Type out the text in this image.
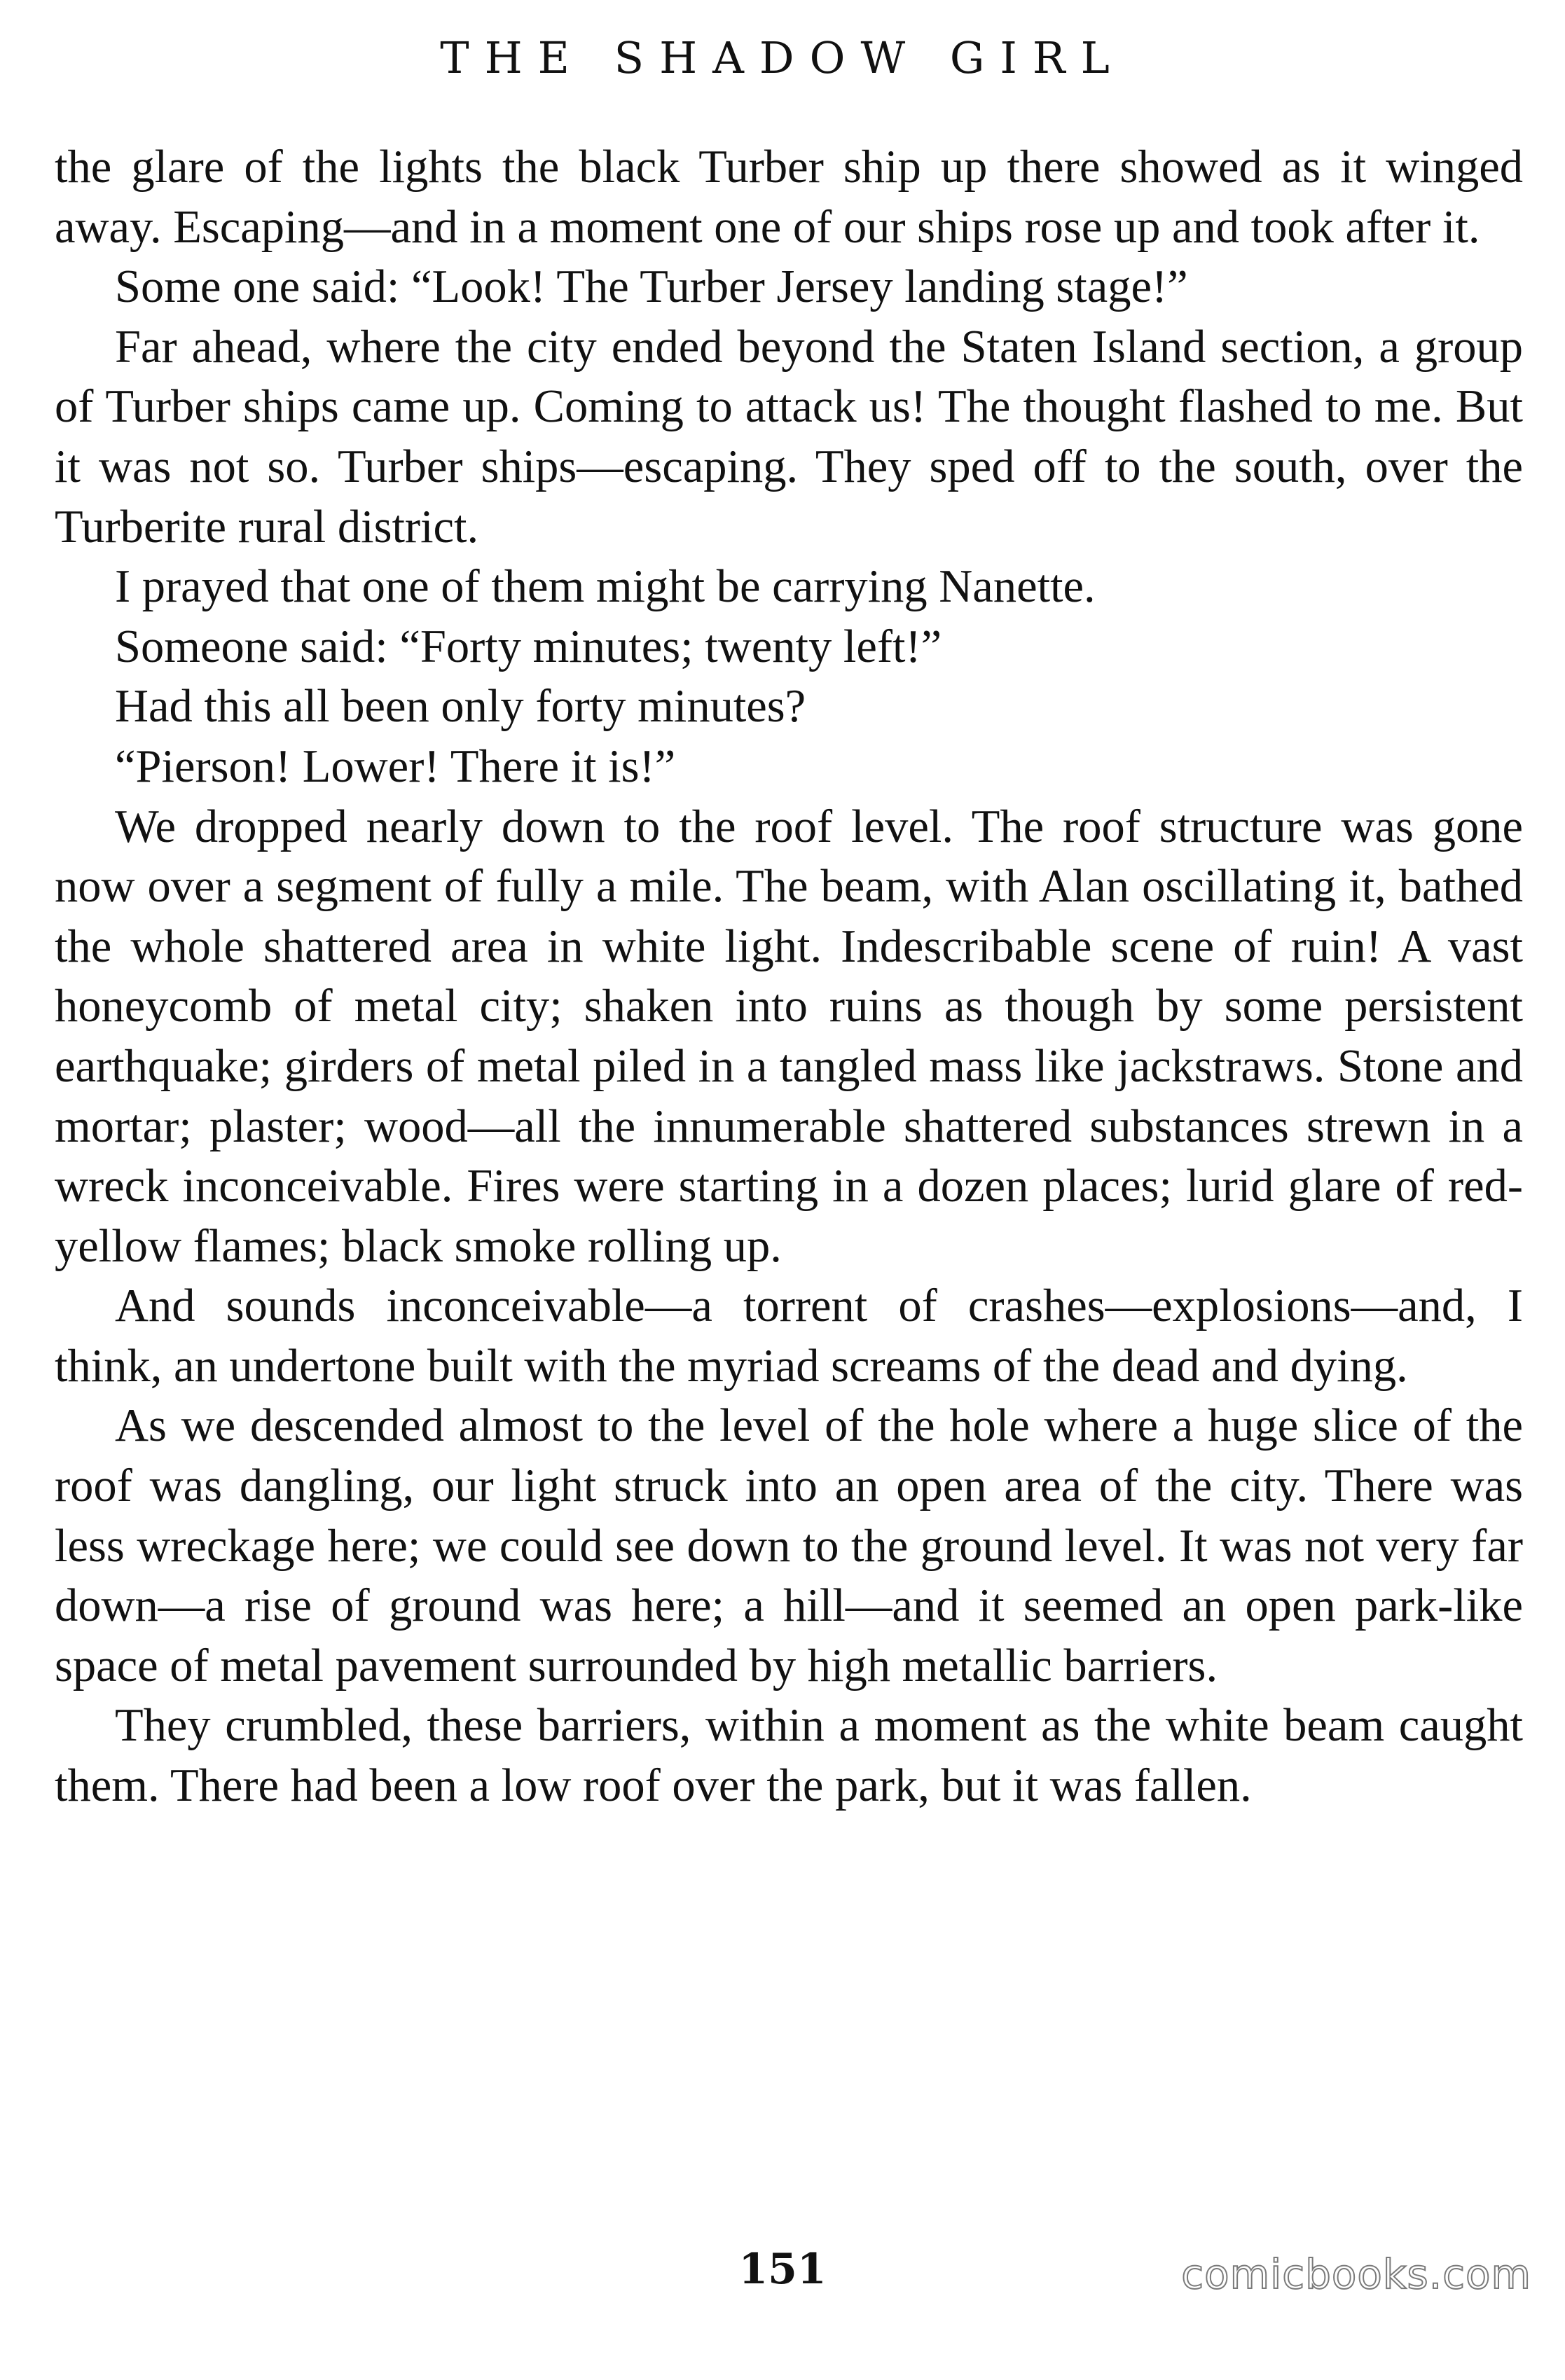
THE SHADOW GIRL

the glare of the lights the black Turber ship up there showed as it winged away. Escaping—and in a moment one of our ships rose up and took after it.

Some one said: “Look! The Turber Jersey landing stage!”

Far ahead, where the city ended beyond the Staten Island section, a group of Turber ships came up. Coming to attack us! The thought flashed to me. But it was not so. Turber ships—escaping. They sped off to the south, over the Turberite rural district.

I prayed that one of them might be carrying Nanette.

Someone said: “Forty minutes; twenty left!”

Had this all been only forty minutes?

“Pierson! Lower! There it is!”

We dropped nearly down to the roof level. The roof structure was gone now over a segment of fully a mile. The beam, with Alan oscillating it, bathed the whole shattered area in white light. Indescribable scene of ruin! A vast honeycomb of metal city; shaken into ruins as though by some persistent earthquake; girders of metal piled in a tangled mass like jackstraws. Stone and mortar; plaster; wood—all the innumerable shattered substances strewn in a wreck inconceivable. Fires were starting in a dozen places; lurid glare of red-yellow flames; black smoke rolling up.

And sounds inconceivable—a torrent of crashes—explosions—and, I think, an undertone built with the myriad screams of the dead and dying.

As we descended almost to the level of the hole where a huge slice of the roof was dangling, our light struck into an open area of the city. There was less wreckage here; we could see down to the ground level. It was not very far down—a rise of ground was here; a hill—and it seemed an open park-like space of metal pavement surrounded by high metallic barriers.

They crumbled, these barriers, within a moment as the white beam caught them. There had been a low roof over the park, but it was fallen.

151	comicbooks.com
